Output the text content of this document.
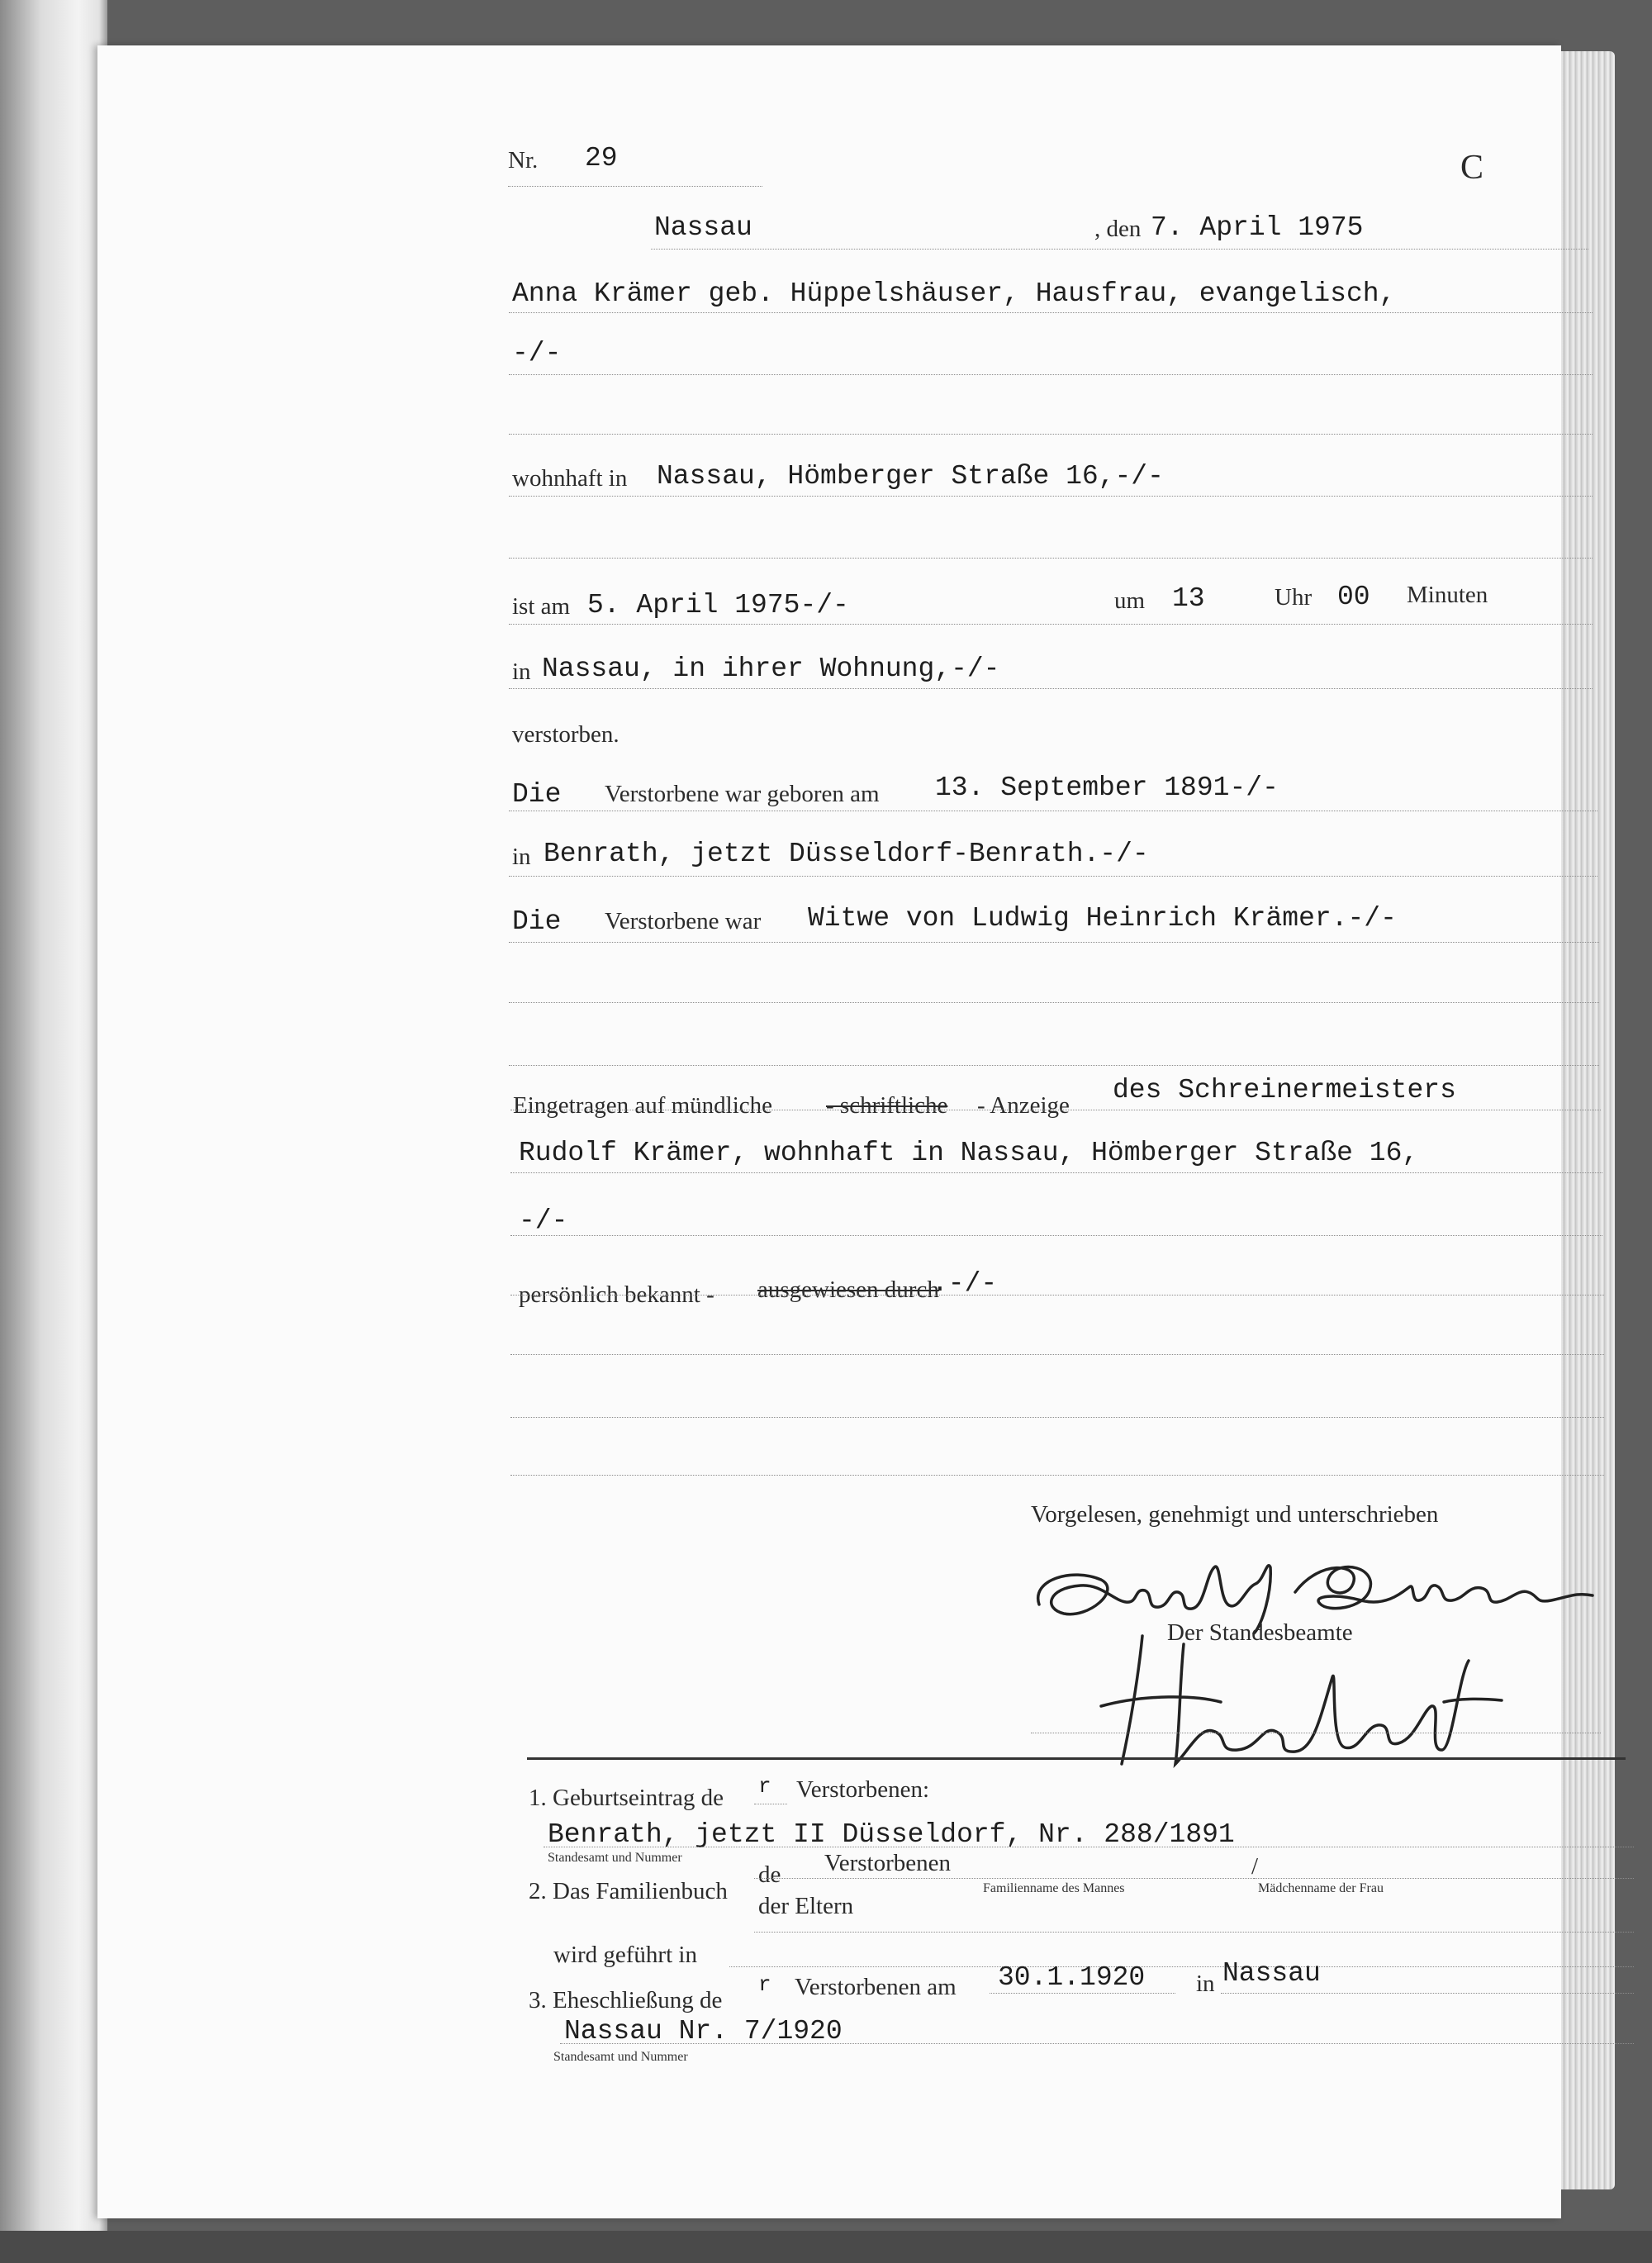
Nr. 29	C
Nassau	, den 7. April 1975
Anna Krämer geb. Hüppelshäuser, Hausfrau, evangelisch,
-/-
wohnhaft in Nassau, Hömberger Straße 16,-/-
ist am 5. April 1975-/-	um 13	Uhr 00 Minuten
in Nassau, in ihrer Wohnung,-/-
verstorben.
Die Verstorbene war geboren am 13. September 1891-/-
in Benrath, jetzt Düsseldorf-Benrath.-/-
Die Verstorbene war Witwe von Ludwig Heinrich Krämer.-/-
Eingetragen auf mündliche - schriftliche - Anzeige des Schreinermeisters
Rudolf Krämer, wohnhaft in Nassau, Hömberger Straße 16,
-/-
persönlich bekannt - ausgewiesen durch
.-/-
Vorgelesen, genehmigt und unterschrieben
Der Standesbeamte
1. Geburtseintrag de r Verstorbenen:
Benrath, jetzt II Düsseldorf, Nr. 288/1891
Standesamt und Nummer
2. Das Familienbuch
de Verstorbenen	/
Familienname des Mannes	Mädchenname der Frau
der Eltern
wird geführt in
3. Eheschließung de
r Verstorbenen am 30.1.1920 in Nassau
Nassau Nr. 7/1920
Standesamt und Nummer
